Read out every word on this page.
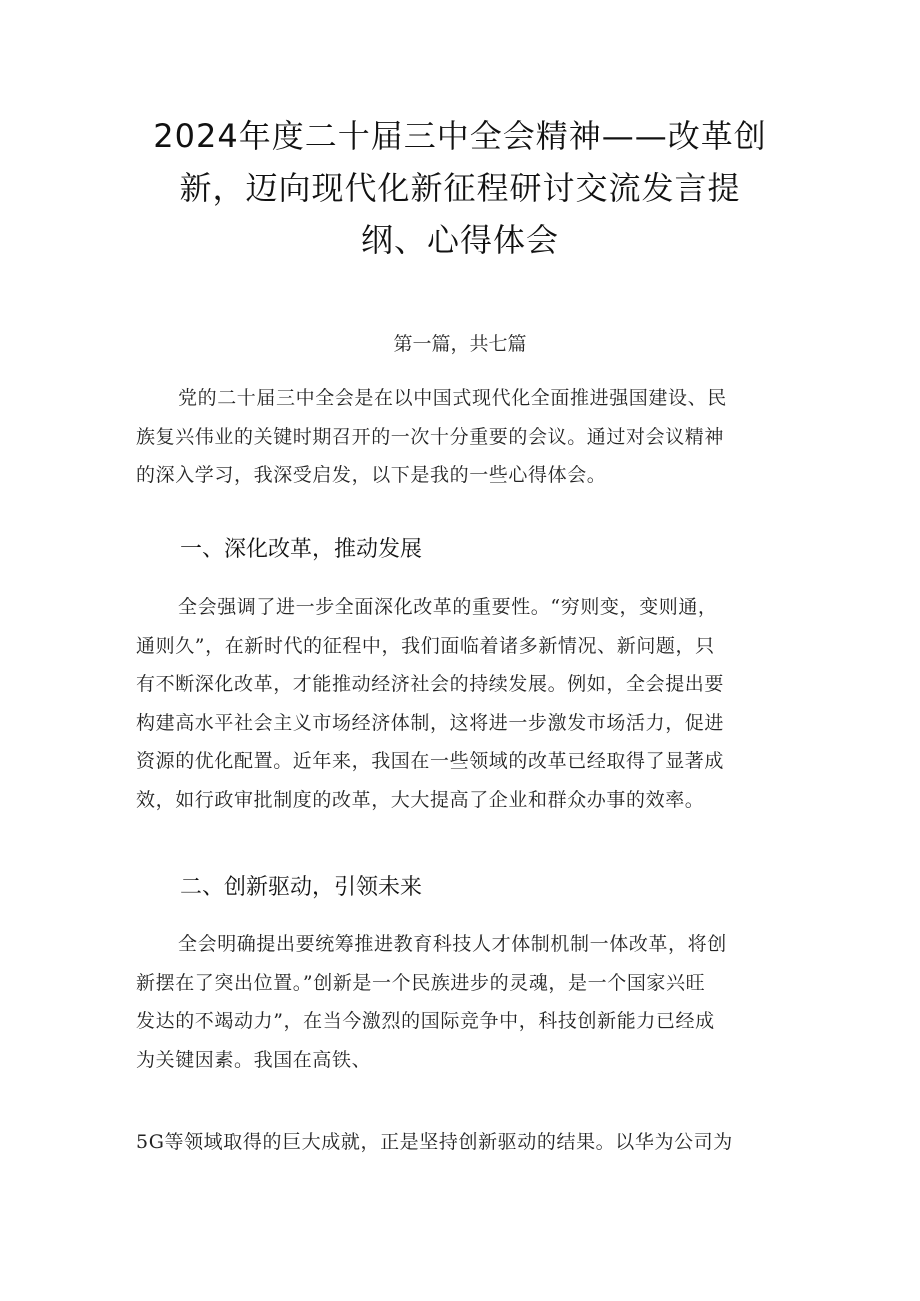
2024年度二十届三中全会精神——改革创
新，迈向现代化新征程研讨交流发言提
纲、心得体会
第一篇，共七篇
党的二十届三中全会是在以中国式现代化全面推进强国建设、民
族复兴伟业的关键时期召开的一次十分重要的会议。通过对会议精神
的深入学习，我深受启发，以下是我的一些心得体会。
一、深化改革，推动发展
全会强调了进一步全面深化改革的重要性。“穷则变，变则通，
通则久”，在新时代的征程中，我们面临着诸多新情况、新问题，只
有不断深化改革，才能推动经济社会的持续发展。例如，全会提出要
构建高水平社会主义市场经济体制，这将进一步激发市场活力，促进
资源的优化配置。近年来，我国在一些领域的改革已经取得了显著成
效，如行政审批制度的改革，大大提高了企业和群众办事的效率。
二、创新驱动，引领未来
全会明确提出要统筹推进教育科技人才体制机制一体改革，将创
新摆在了突出位置。”创新是一个民族进步的灵魂，是一个国家兴旺
发达的不竭动力”，在当今激烈的国际竞争中，科技创新能力已经成
为关键因素。我国在高铁、
5G等领域取得的巨大成就，正是坚持创新驱动的结果。以华为公司为
